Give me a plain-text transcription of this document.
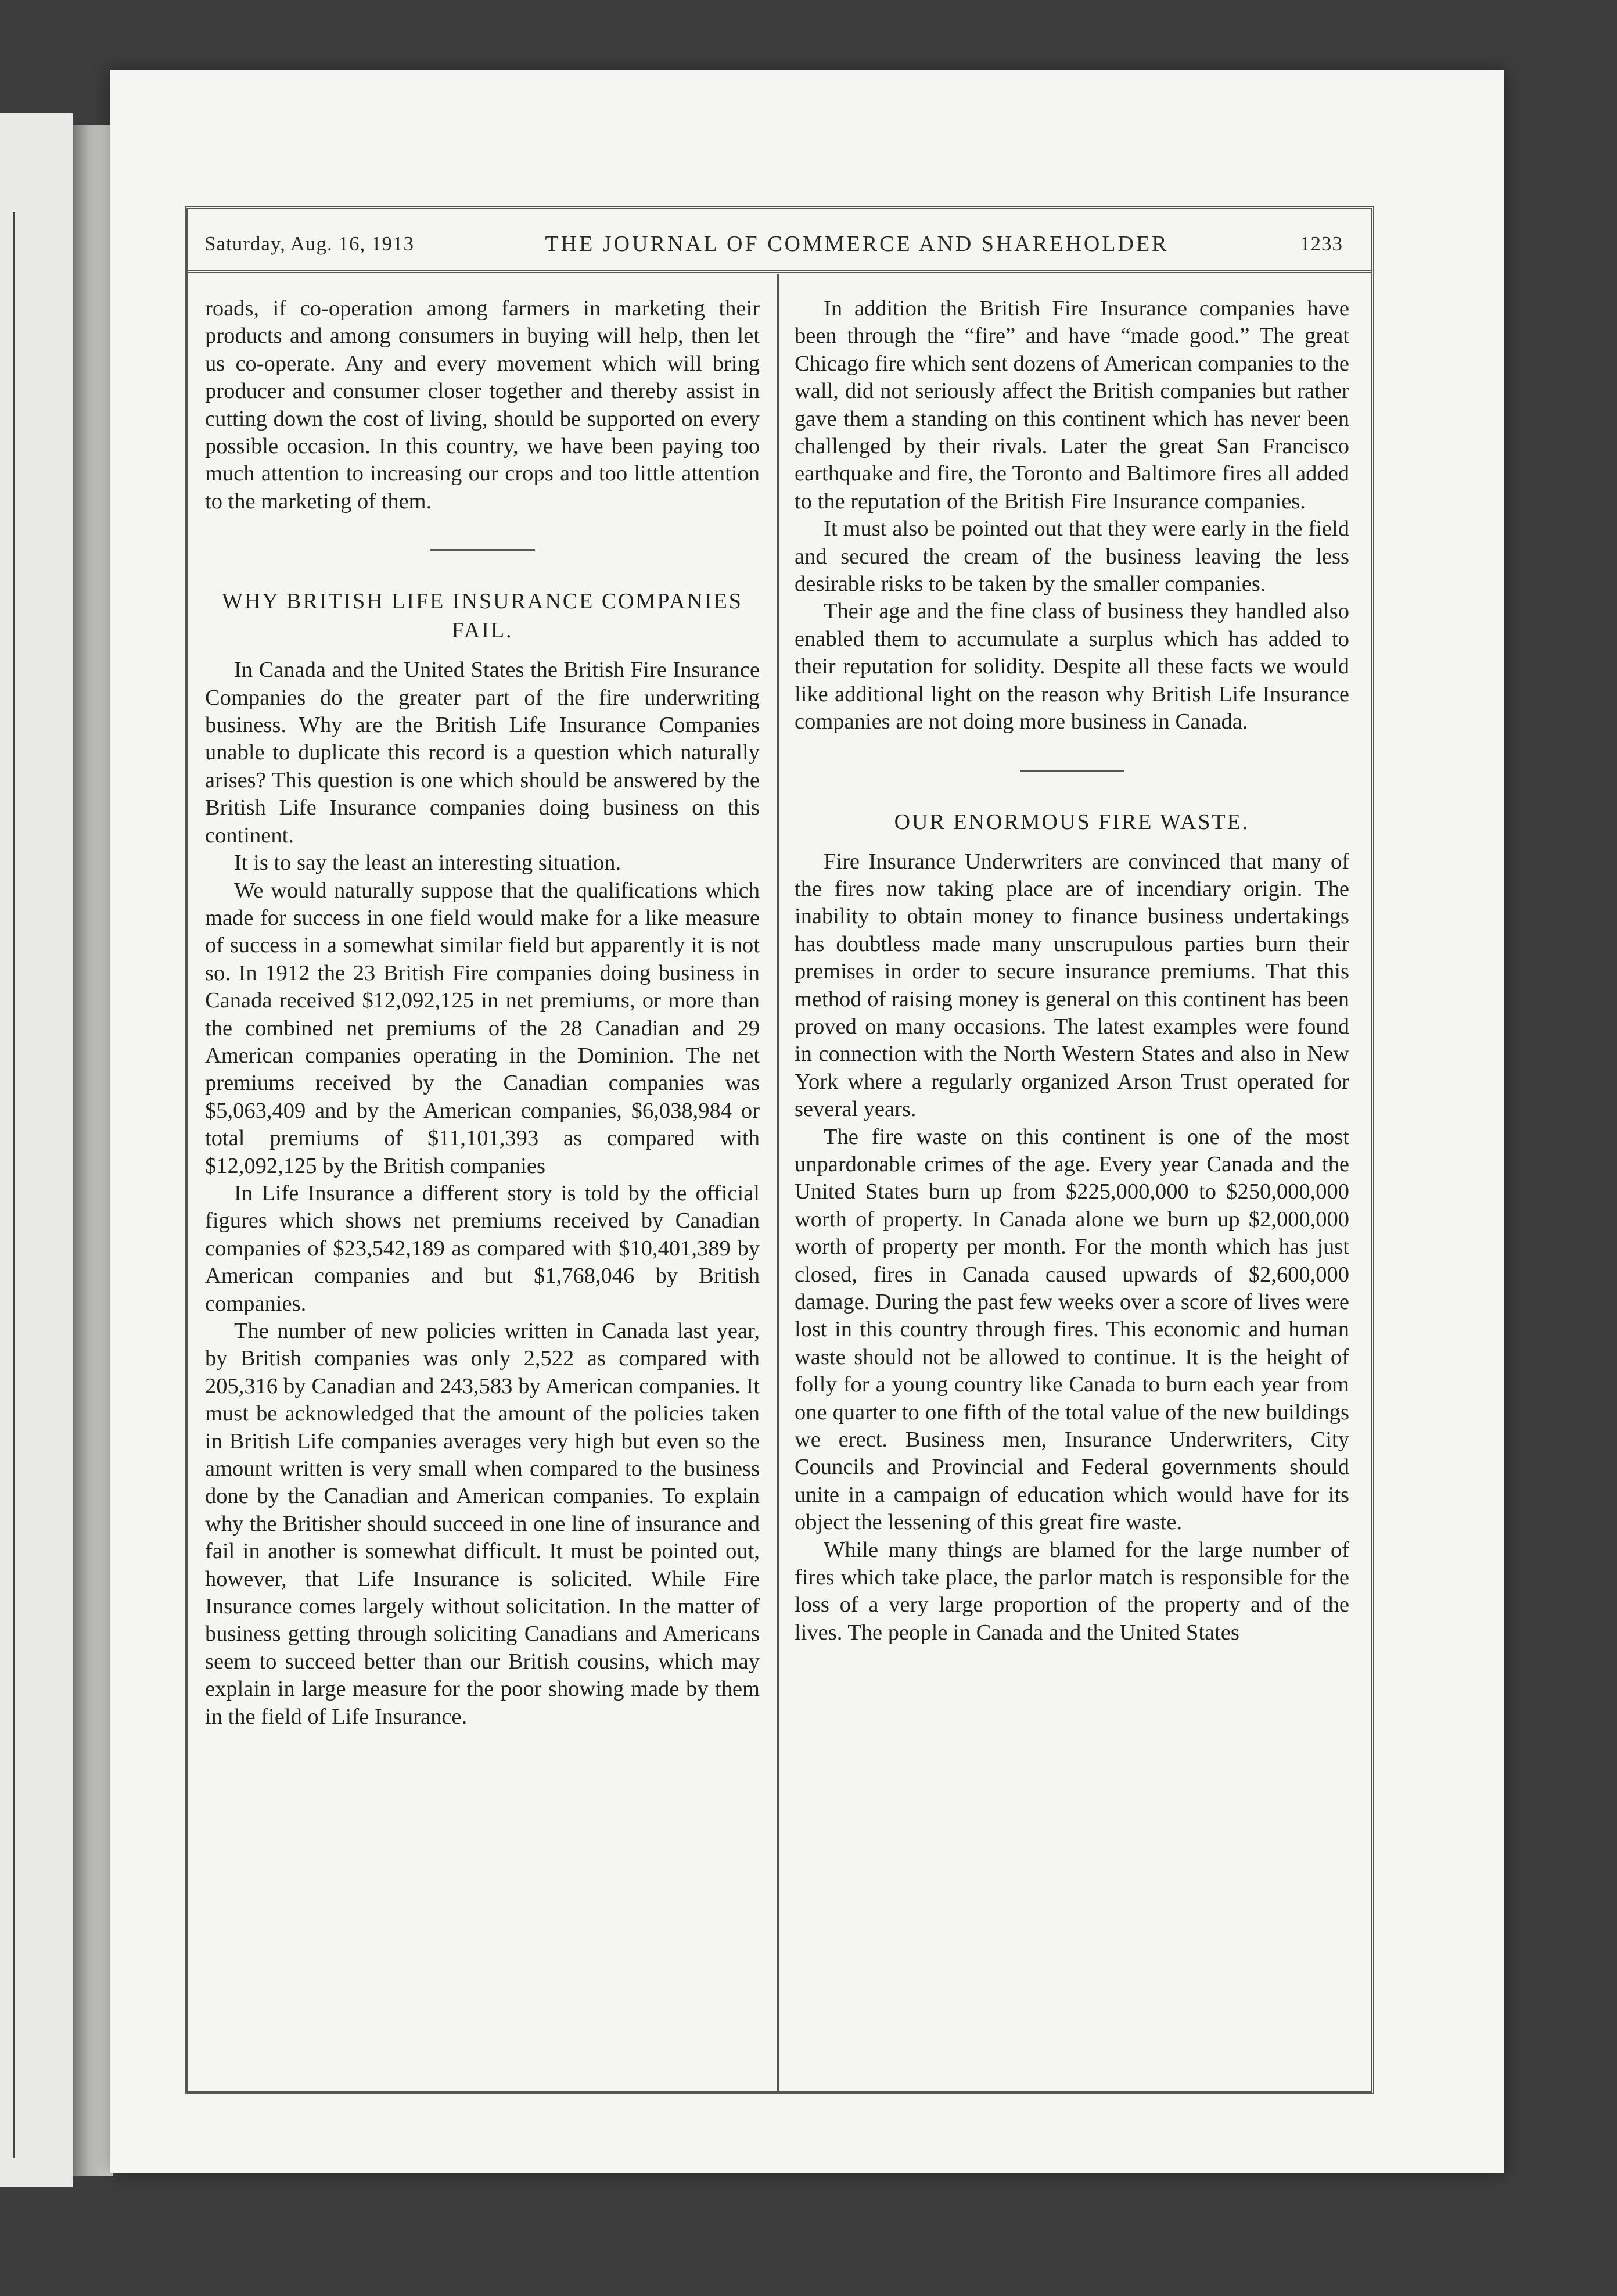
Saturday, Aug. 16, 1913	THE JOURNAL OF COMMERCE AND SHAREHOLDER	1233

roads, if co-operation among farmers in marketing their products and among consumers in buying will help, then let us co-operate. Any and every movement which will bring producer and consumer closer together and thereby assist in cutting down the cost of living, should be supported on every possible occasion. In this country, we have been paying too much attention to increasing our crops and too little attention to the marketing of them.

WHY BRITISH LIFE INSURANCE COMPANIES FAIL.

In Canada and the United States the British Fire Insurance Companies do the greater part of the fire underwriting business. Why are the British Life Insurance Companies unable to duplicate this record is a question which naturally arises? This question is one which should be answered by the British Life Insurance companies doing business on this continent.

It is to say the least an interesting situation.

We would naturally suppose that the qualifications which made for success in one field would make for a like measure of success in a somewhat similar field but apparently it is not so. In 1912 the 23 British Fire companies doing business in Canada received $12,092,125 in net premiums, or more than the combined net premiums of the 28 Canadian and 29 American companies operating in the Dominion. The net premiums received by the Canadian companies was $5,063,409 and by the American companies, $6,038,984 or total premiums of $11,101,393 as compared with $12,092,125 by the British companies

In Life Insurance a different story is told by the official figures which shows net premiums received by Canadian companies of $23,542,189 as compared with $10,401,389 by American companies and but $1,768,046 by British companies.

The number of new policies written in Canada last year, by British companies was only 2,522 as compared with 205,316 by Canadian and 243,583 by American companies. It must be acknowledged that the amount of the policies taken in British Life companies averages very high but even so the amount written is very small when compared to the business done by the Canadian and American companies. To explain why the Britisher should succeed in one line of insurance and fail in another is somewhat difficult. It must be pointed out, however, that Life Insurance is solicited. While Fire Insurance comes largely without solicitation. In the matter of business getting through soliciting Canadians and Americans seem to succeed better than our British cousins, which may explain in large measure for the poor showing made by them in the field of Life Insurance.

In addition the British Fire Insurance companies have been through the “fire” and have “made good.” The great Chicago fire which sent dozens of American companies to the wall, did not seriously affect the British companies but rather gave them a standing on this continent which has never been challenged by their rivals. Later the great San Francisco earthquake and fire, the Toronto and Baltimore fires all added to the reputation of the British Fire Insurance companies.

It must also be pointed out that they were early in the field and secured the cream of the business leaving the less desirable risks to be taken by the smaller companies.

Their age and the fine class of business they handled also enabled them to accumulate a surplus which has added to their reputation for solidity. Despite all these facts we would like additional light on the reason why British Life Insurance companies are not doing more business in Canada.

OUR ENORMOUS FIRE WASTE.

Fire Insurance Underwriters are convinced that many of the fires now taking place are of incendiary origin. The inability to obtain money to finance business undertakings has doubtless made many unscrupulous parties burn their premises in order to secure insurance premiums. That this method of raising money is general on this continent has been proved on many occasions. The latest examples were found in connection with the North Western States and also in New York where a regularly organized Arson Trust operated for several years.

The fire waste on this continent is one of the most unpardonable crimes of the age. Every year Canada and the United States burn up from $225,000,000 to $250,000,000 worth of property. In Canada alone we burn up $2,000,000 worth of property per month. For the month which has just closed, fires in Canada caused upwards of $2,600,000 damage. During the past few weeks over a score of lives were lost in this country through fires. This economic and human waste should not be allowed to continue. It is the height of folly for a young country like Canada to burn each year from one quarter to one fifth of the total value of the new buildings we erect. Business men, Insurance Underwriters, City Councils and Provincial and Federal governments should unite in a campaign of education which would have for its object the lessening of this great fire waste.

While many things are blamed for the large number of fires which take place, the parlor match is responsible for the loss of a very large proportion of the property and of the lives. The people in Canada and the United States
